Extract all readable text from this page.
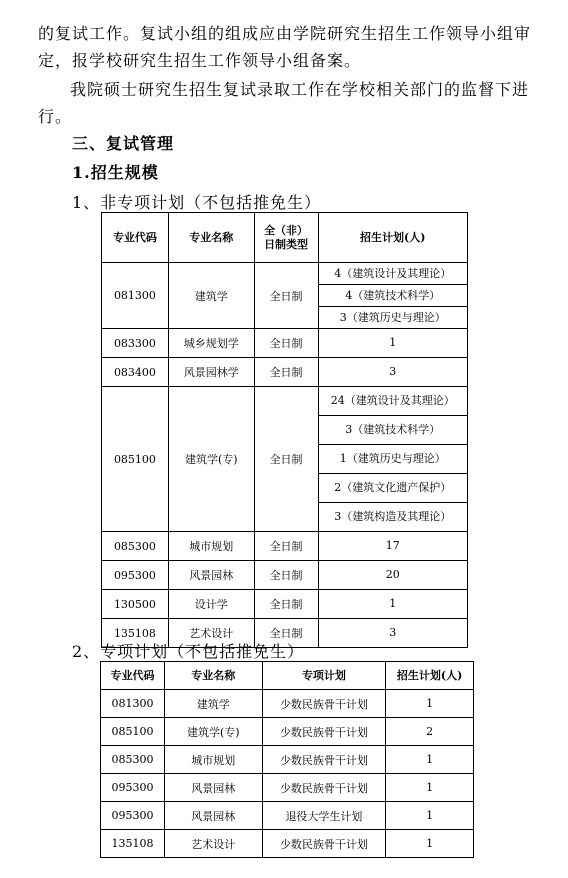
的复试工作。复试小组的组成应由学院研究生招生工作领导小组审
定，报学校研究生招生工作领导小组备案。
我院硕士研究生招生复试录取工作在学校相关部门的监督下进
行。
三、复试管理
1.招生规模
1、非专项计划（不包括推免生）
专业代码	专业名称	全（非）日制类型	招生计划(人)
081300	建筑学	全日制	4（建筑设计及其理论）
4（建筑技术科学）
3（建筑历史与理论）

083300	城乡规划学	全日制	1

083400	风景园林学	全日制	3

085100	建筑学(专)	全日制	24（建筑设计及其理论）
3（建筑技术科学）
1（建筑历史与理论）
2（建筑文化遗产保护）
3（建筑构造及其理论）

085300	城市规划	全日制	17

095300	风景园林	全日制	20

130500	设计学	全日制	1

135108	艺术设计	全日制	3
2、专项计划（不包括推免生）
专业代码	专业名称	专项计划	招生计划(人)
081300	建筑学	少数民族骨干计划	1
085100	建筑学(专)	少数民族骨干计划	2
085300	城市规划	少数民族骨干计划	1
095300	风景园林	少数民族骨干计划	1
095300	风景园林	退役大学生计划	1
135108	艺术设计	少数民族骨干计划	1
